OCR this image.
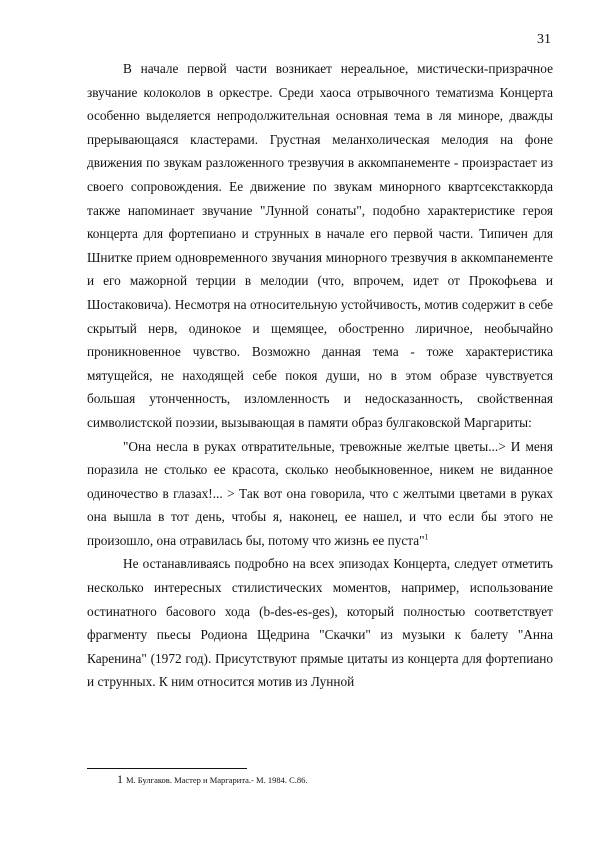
31

В начале первой части возникает нереальное, мистически-призрачное звучание колоколов в оркестре. Среди хаоса отрывочного тематизма Концерта особенно выделяется непродолжительная основная тема в ля миноре, дважды прерывающаяся кластерами. Грустная меланхолическая мелодия на фоне движения по звукам разложенного трезвучия в аккомпанементе - произрастает из своего сопровождения. Ее движение по звукам минорного квартсекстаккорда также напоминает звучание "Лунной сонаты", подобно характеристике героя концерта для фортепиано и струнных в начале его первой части. Типичен для Шнитке прием одновременного звучания минорного трезвучия в аккомпанементе и его мажорной терции в мелодии (что, впрочем, идет от Прокофьева и Шостаковича). Несмотря на относительную устойчивость, мотив содержит в себе скрытый нерв, одинокое и щемящее, обостренно лиричное, необычайно проникновенное чувство. Возможно данная тема - тоже характеристика мятущейся, не находящей себе покоя души, но в этом образе чувствуется большая утонченность, изломленность и недосказанность, свойственная символистской поэзии, вызывающая в памяти образ булгаковской Маргариты:

"Она несла в руках отвратительные, тревожные желтые цветы...> И меня поразила не столько ее красота, сколько необыкновенное, никем не виданное одиночество в глазах!... > Так вот она говорила, что с желтыми цветами в руках она вышла в тот день, чтобы я, наконец, ее нашел, и что если бы этого не произошло, она отравилась бы, потому что жизнь ее пуста"$^1$

Не останавливаясь подробно на всех эпизодах Концерта, следует отметить несколько интересных стилистических моментов, например, использование остинатного басового хода (b-des-es-ges), который полностью соответствует фрагменту пьесы Родиона Щедрина "Скачки" из музыки к балету "Анна Каренина" (1972 год). Присутствуют прямые цитаты из концерта для фортепиано и струнных. К ним относится мотив из Лунной

1 М. Булгаков. Мастер и Маргарита.- М. 1984. С.86.
